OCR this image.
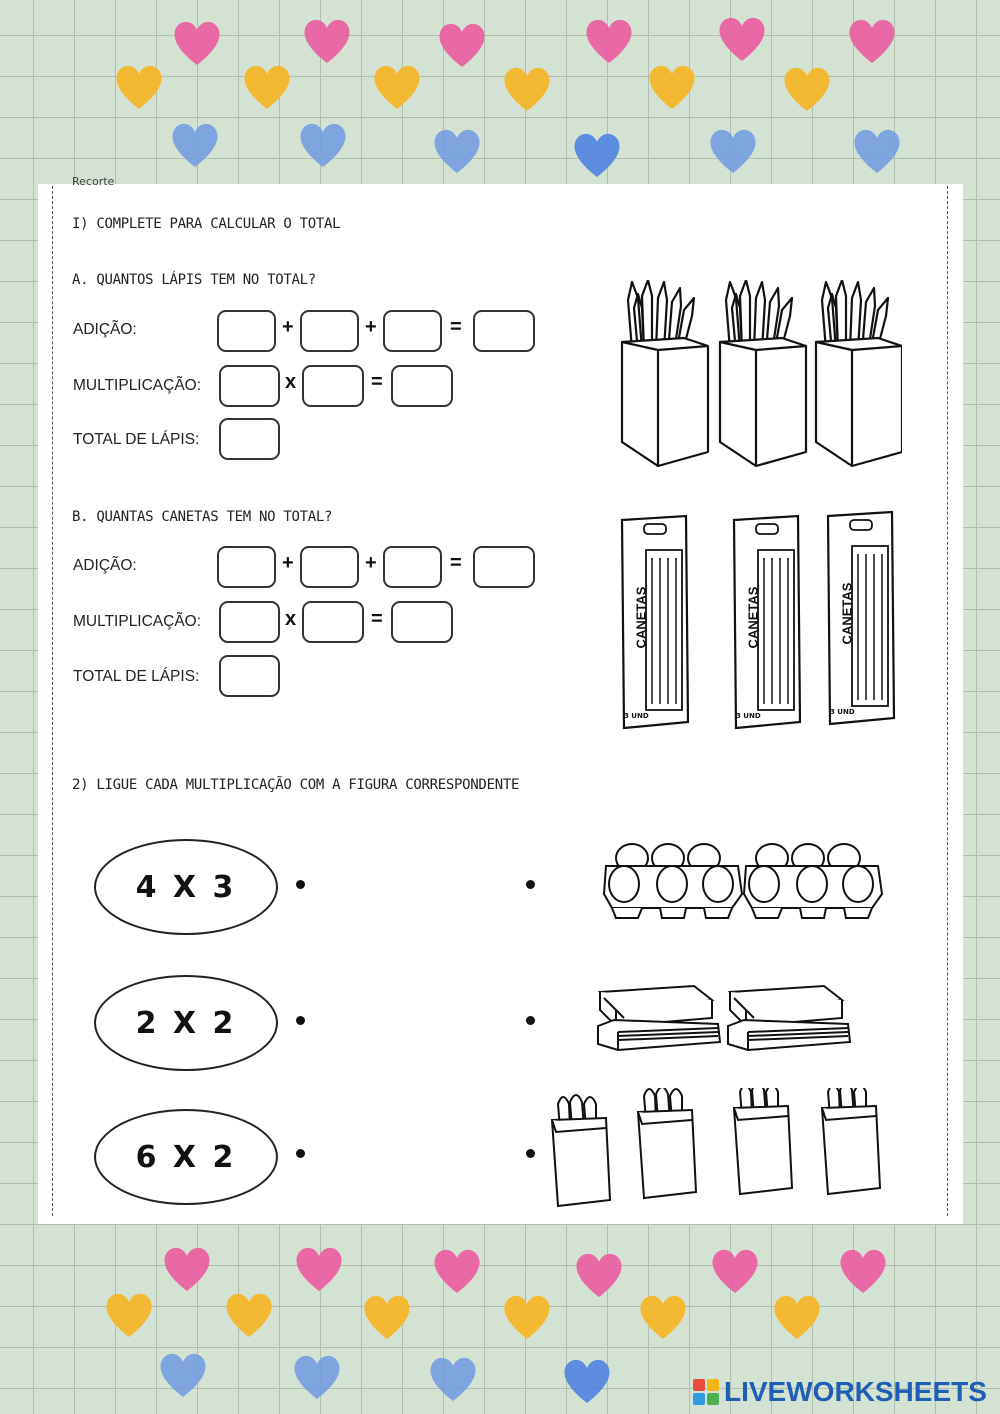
Recorte
I) COMPLETE PARA CALCULAR O TOTAL
A. QUANTOS LÁPIS TEM NO TOTAL?
ADIÇÃO:	+	+	=
MULTIPLICAÇÃO:	x	=
TOTAL DE LÁPIS:
B. QUANTAS CANETAS TEM NO TOTAL?
ADIÇÃO:	+	+	=
MULTIPLICAÇÃO:	x	=
TOTAL DE LÁPIS:
CANETAS
3 UND
CANETAS
3 UND
CANETAS
3 UND
2) LIGUE CADA MULTIPLICAÇÃO COM A FIGURA CORRESPONDENTE
4 X 3
2 X 2
6 X 2
LIVEWORKSHEETS
